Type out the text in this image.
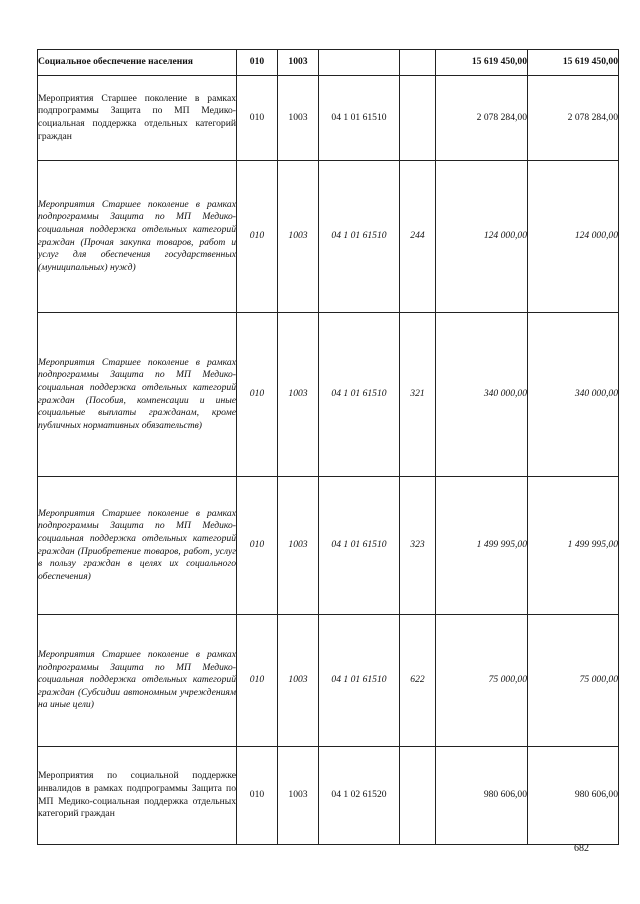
Социальное обеспечение населения	010	1003			15 619 450,00	15 619 450,00
Мероприятия Старшее поколение в рамках подпрограммы Защита по МП Медико-социальная поддержка отдельных категорий граждан	010	1003	04 1 01 61510		2 078 284,00	2 078 284,00
Мероприятия Старшее поколение в рамках подпрограммы Защита по МП Медико-социальная поддержка отдельных категорий граждан (Прочая закупка товаров, работ и услуг для обеспечения государственных (муниципальных) нужд)	010	1003	04 1 01 61510	244	124 000,00	124 000,00
Мероприятия Старшее поколение в рамках подпрограммы Защита по МП Медико-социальная поддержка отдельных категорий граждан (Пособия, компенсации и иные социальные выплаты гражданам, кроме публичных нормативных обязательств)	010	1003	04 1 01 61510	321	340 000,00	340 000,00
Мероприятия Старшее поколение в рамках подпрограммы Защита по МП Медико-социальная поддержка отдельных категорий граждан (Приобретение товаров, работ, услуг в пользу граждан в целях их социального обеспечения)	010	1003	04 1 01 61510	323	1 499 995,00	1 499 995,00
Мероприятия Старшее поколение в рамках подпрограммы Защита по МП Медико-социальная поддержка отдельных категорий граждан (Субсидии автономным учреждениям на иные цели)	010	1003	04 1 01 61510	622	75 000,00	75 000,00
Мероприятия по социальной поддержке инвалидов в рамках подпрограммы Защита по МП Медико-социальная поддержка отдельных категорий граждан	010	1003	04 1 02 61520		980 606,00	980 606,00
682
